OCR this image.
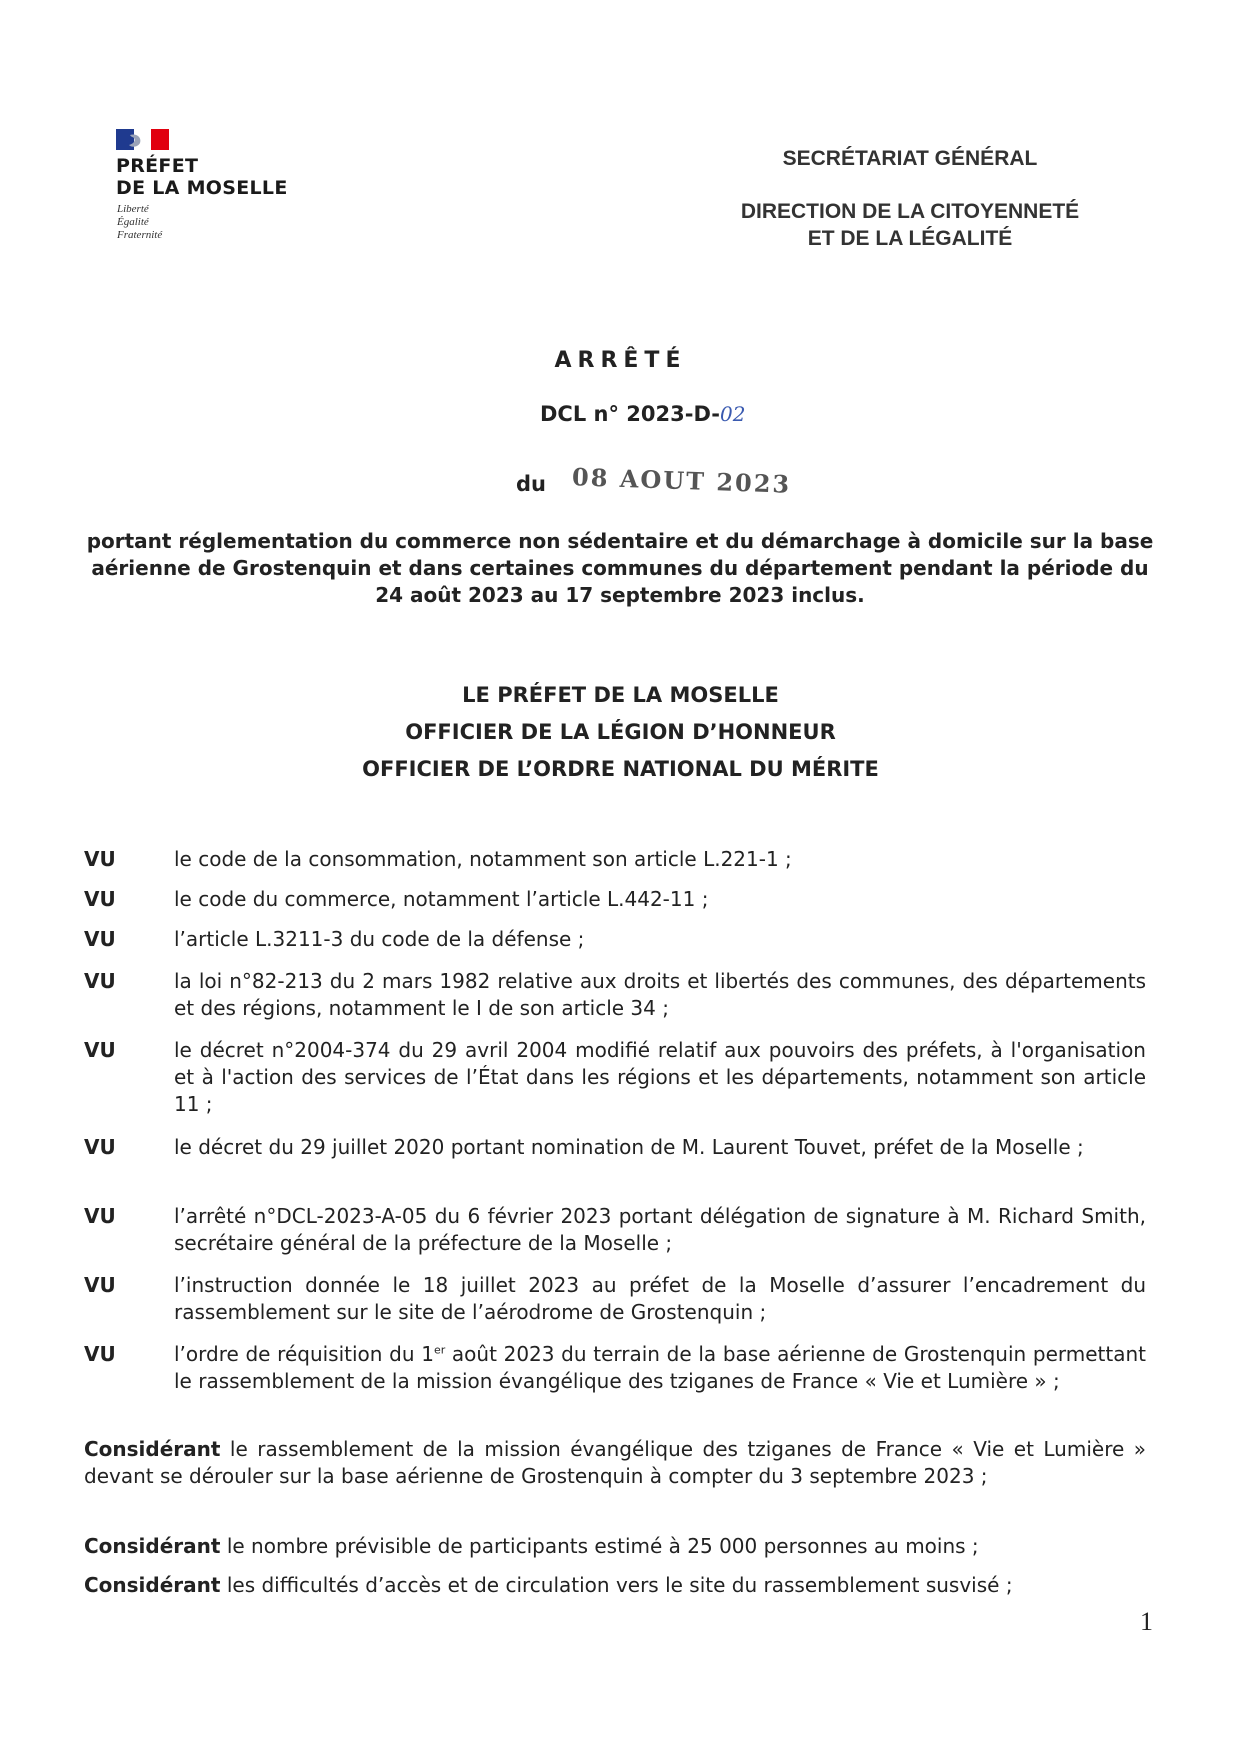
PRÉFET
DE LA MOSELLE
Liberté
Égalité
Fraternité
SECRÉTARIAT GÉNÉRAL
DIRECTION DE LA CITOYENNETÉ
ET DE LA LÉGALITÉ
ARRÊTÉ
DCL n° 2023-D-02
du 08 AOUT 2023
portant réglementation du commerce non sédentaire et du démarchage à domicile sur la base aérienne de Grostenquin et dans certaines communes du département pendant la période du 24 août 2023 au 17 septembre 2023 inclus.
LE PRÉFET DE LA MOSELLE
OFFICIER DE LA LÉGION D’HONNEUR
OFFICIER DE L’ORDRE NATIONAL DU MÉRITE
VU	le code de la consommation, notamment son article L.221-1 ;
VU	le code du commerce, notamment l’article L.442-11 ;
VU	l’article L.3211-3 du code de la défense ;
VU	la loi n°82-213 du 2 mars 1982 relative aux droits et libertés des communes, des départements et des régions, notamment le I de son article 34 ;
VU	le décret n°2004-374 du 29 avril 2004 modifié relatif aux pouvoirs des préfets, à l'organisation et à l'action des services de l’État dans les régions et les départements, notamment son article 11 ;
VU	le décret du 29 juillet 2020 portant nomination de M. Laurent Touvet, préfet de la Moselle ;
VU	l’arrêté n°DCL-2023-A-05 du 6 février 2023 portant délégation de signature à M. Richard Smith, secrétaire général de la préfecture de la Moselle ;
VU	l’instruction donnée le 18 juillet 2023 au préfet de la Moselle d’assurer l’encadrement du rassemblement sur le site de l’aérodrome de Grostenquin ;
VU	l’ordre de réquisition du 1er août 2023 du terrain de la base aérienne de Grostenquin permettant le rassemblement de la mission évangélique des tziganes de France « Vie et Lumière » ;
Considérant le rassemblement de la mission évangélique des tziganes de France « Vie et Lumière » devant se dérouler sur la base aérienne de Grostenquin à compter du 3 septembre 2023 ;
Considérant le nombre prévisible de participants estimé à 25 000 personnes au moins ;
Considérant les difficultés d’accès et de circulation vers le site du rassemblement susvisé ;
1
